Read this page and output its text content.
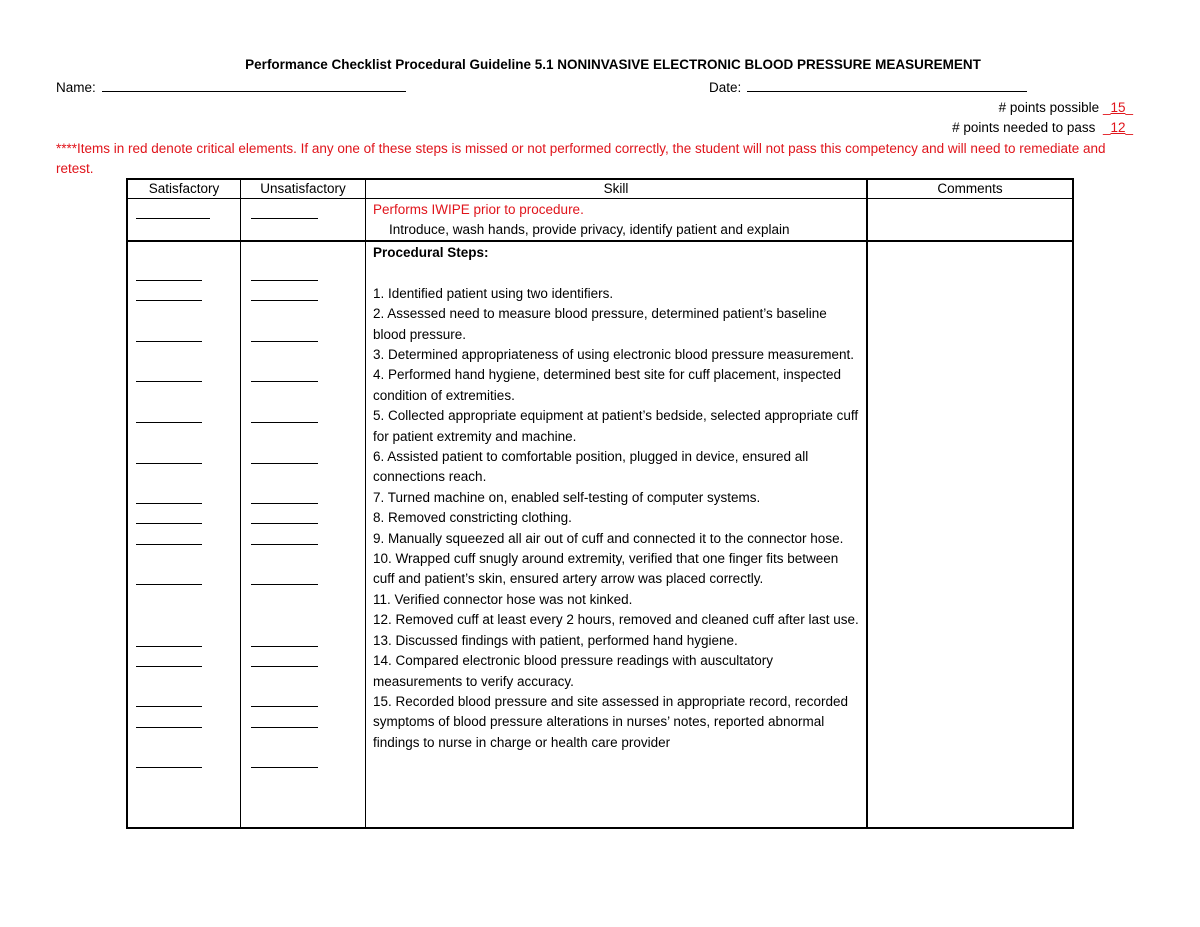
Performance Checklist Procedural Guideline 5.1 NONINVASIVE ELECTRONIC BLOOD PRESSURE MEASUREMENT
Name:	Date:
# points possible _15_
# points needed to pass  _12_
****Items in red denote critical elements. If any one of these steps is missed or not performed correctly, the student will not pass this competency and will need to remediate and retest.
Satisfactory	Unsatisfactory	Skill	Comments
Performs IWIPE prior to procedure.
Introduce, wash hands, provide privacy, identify patient and explain

Procedural Steps:

1. Identified patient using two identifiers.

2. Assessed need to measure blood pressure, determined patient’s baseline blood pressure.

3. Determined appropriateness of using electronic blood pressure measurement.

4. Performed hand hygiene, determined best site for cuff placement, inspected condition of extremities.

5. Collected appropriate equipment at patient’s bedside, selected appropriate cuff for patient extremity and machine.

6. Assisted patient to comfortable position, plugged in device, ensured all connections reach.

7. Turned machine on, enabled self-testing of computer systems.

8. Removed constricting clothing.

9. Manually squeezed all air out of cuff and connected it to the connector hose.

10. Wrapped cuff snugly around extremity, verified that one finger fits between cuff and patient’s skin, ensured artery arrow was placed correctly.

11. Verified connector hose was not kinked.

12. Removed cuff at least every 2 hours, removed and cleaned cuff after last use.

13. Discussed findings with patient, performed hand hygiene.

14. Compared electronic blood pressure readings with auscultatory measurements to verify accuracy.

15. Recorded blood pressure and site assessed in appropriate record, recorded symptoms of blood pressure alterations in nurses’ notes, reported abnormal findings to nurse in charge or health care provider
